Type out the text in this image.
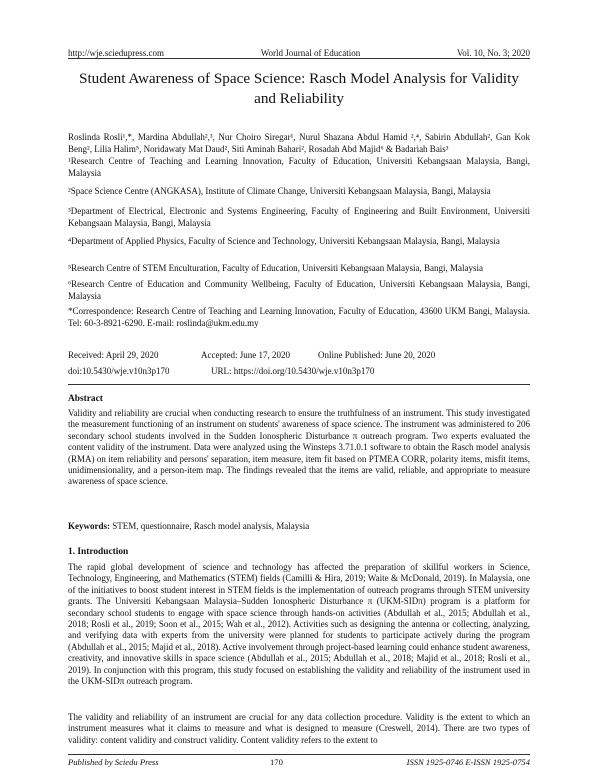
http://wje.sciedupress.com	World Journal of Education	Vol. 10, No. 3; 2020
Student Awareness of Space Science: Rasch Model Analysis for Validity and Reliability

Roslinda Rosli¹,*, Mardina Abdullah²,³, Nur Choiro Siregar¹, Nurul Shazana Abdul Hamid ²,⁴, Sabirin Abdullah², Gan Kok Beng², Lilia Halim⁵, Noridawaty Mat Daud², Siti Aminah Bahari², Rosadah Abd Majid⁶ & Badariah Bais³

¹Research Centre of Teaching and Learning Innovation, Faculty of Education, Universiti Kebangsaan Malaysia, Bangi, Malaysia

²Space Science Centre (ANGKASA), Institute of Climate Change, Universiti Kebangsaan Malaysia, Bangi, Malaysia

³Department of Electrical, Electronic and Systems Engineering, Faculty of Engineering and Built Environment, Universiti Kebangsaan Malaysia, Bangi, Malaysia

⁴Department of Applied Physics, Faculty of Science and Technology, Universiti Kebangsaan Malaysia, Bangi, Malaysia

⁵Research Centre of STEM Enculturation, Faculty of Education, Universiti Kebangsaan Malaysia, Bangi, Malaysia

⁶Research Centre of Education and Community Wellbeing, Faculty of Education, Universiti Kebangsaan Malaysia, Bangi, Malaysia

*Correspondence: Research Centre of Teaching and Learning Innovation, Faculty of Education, 43600 UKM Bangi, Malaysia. Tel: 60-3-8921-6290. E-mail: roslinda@ukm.edu.my

Received: April 29, 2020	Accepted: June 17, 2020	Online Published: June 20, 2020
doi:10.5430/wje.v10n3p170	URL: https://doi.org/10.5430/wje.v10n3p170
Abstract

Validity and reliability are crucial when conducting research to ensure the truthfulness of an instrument. This study investigated the measurement functioning of an instrument on students' awareness of space science. The instrument was administered to 206 secondary school students involved in the Sudden Ionospheric Disturbance π outreach program. Two experts evaluated the content validity of the instrument. Data were analyzed using the Winsteps 3.71.0.1 software to obtain the Rasch model analysis (RMA) on item reliability and persons' separation, item measure, item fit based on PTMEA CORR, polarity items, misfit items, unidimensionality, and a person-item map. The findings revealed that the items are valid, reliable, and appropriate to measure awareness of space science.

Keywords: STEM, questionnaire, Rasch model analysis, Malaysia

1. Introduction

The rapid global development of science and technology has affected the preparation of skillful workers in Science, Technology, Engineering, and Mathematics (STEM) fields (Camilli & Hira, 2019; Waite & McDonald, 2019). In Malaysia, one of the initiatives to boost student interest in STEM fields is the implementation of outreach programs through STEM university grants. The Universiti Kebangsaan Malaysia–Sudden Ionospheric Disturbance π (UKM-SIDπ) program is a platform for secondary school students to engage with space science through hands-on activities (Abdullah et al., 2015; Abdullah et al., 2018; Rosli et al., 2019; Soon et al., 2015; Wah et al., 2012). Activities such as designing the antenna or collecting, analyzing, and verifying data with experts from the university were planned for students to participate actively during the program (Abdullah et al., 2015; Majid et al., 2018). Active involvement through project-based learning could enhance student awareness, creativity, and innovative skills in space science (Abdullah et al., 2015; Abdullah et al., 2018; Majid et al., 2018; Rosli et al., 2019). In conjunction with this program, this study focused on establishing the validity and reliability of the instrument used in the UKM-SIDπ outreach program.

The validity and reliability of an instrument are crucial for any data collection procedure. Validity is the extent to which an instrument measures what it claims to measure and what is designed to measure (Creswell, 2014). There are two types of validity: content validity and construct validity. Content validity refers to the extent to

Published by Sciedu Press	170	ISSN 1925-0746 E-ISSN 1925-0754
